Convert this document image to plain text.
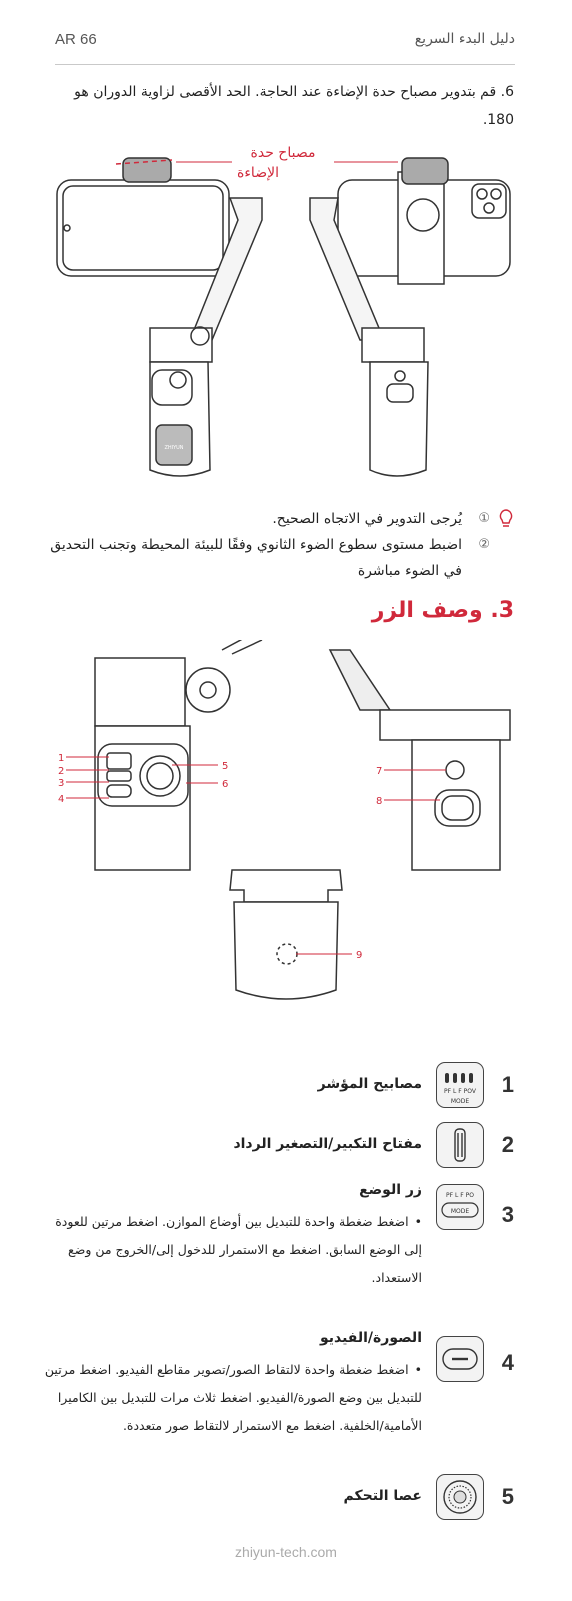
AR 66	دليل البدء السريع
6. قم بتدوير مصباح حدة الإضاءة عند الحاجة. الحد الأقصى لزاوية الدوران هو 180.
مصباح حدة
الإضاءة
ZHIYUN
①
يُرجى التدوير في الاتجاه الصحيح.
②
اضبط مستوى سطوع الضوء الثانوي وفقًا للبيئة المحيطة وتجنب التحديق في الضوء مباشرة
3. وصف الزر
1
2
3
4
5
6
7
8
9
1
PF L F POV
MODE
مصابيح المؤشر
2
مفتاح التكبير/التصغير الرداد
3
PF L F PO
MODE
زر الوضع
•اضغط ضغطة واحدة للتبديل بين أوضاع الموازن. اضغط مرتين للعودة إلى الوضع السابق. اضغط مع الاستمرار للدخول إلى/الخروج من وضع الاستعداد.
4
الصورة/الفيديو
•اضغط ضغطة واحدة لالتقاط الصور/تصوير مقاطع الفيديو. اضغط مرتين للتبديل بين وضع الصورة/الفيديو. اضغط ثلاث مرات للتبديل بين الكاميرا الأمامية/الخلفية. اضغط مع الاستمرار لالتقاط صور متعددة.
5
عصا التحكم
zhiyun-tech.com
